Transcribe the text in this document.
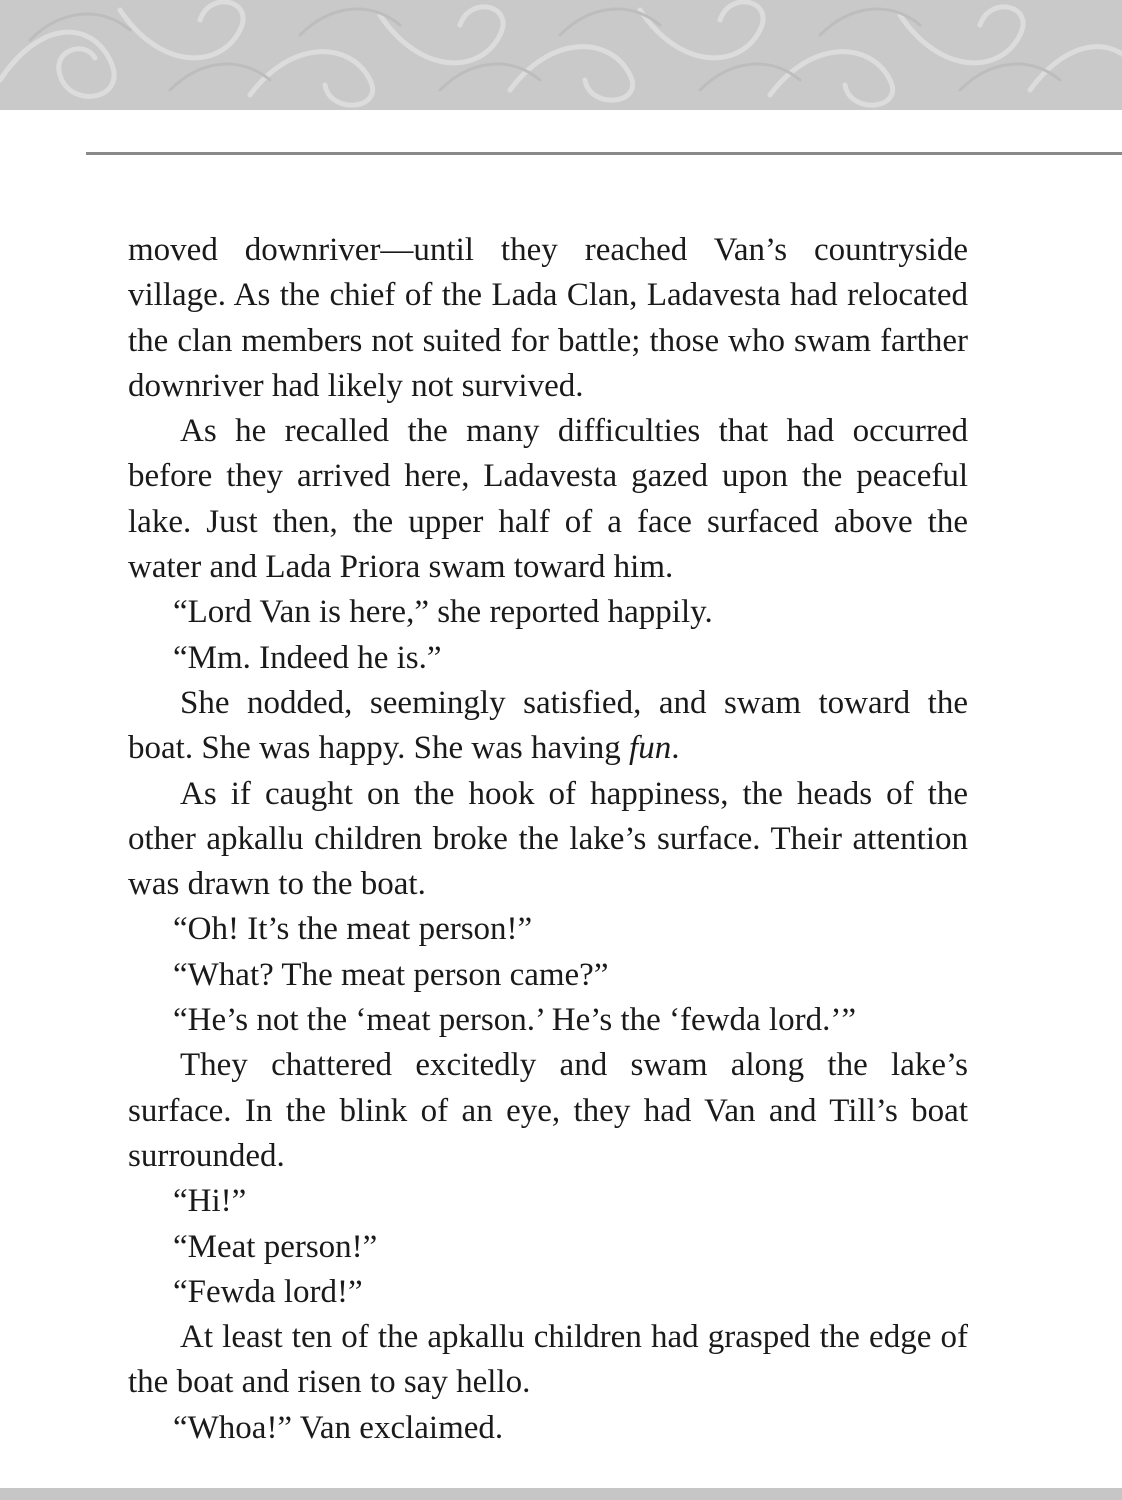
moved downriver—until they reached Van’s countryside village. As the chief of the Lada Clan, Ladavesta had relocated the clan members not suited for battle; those who swam farther downriver had likely not survived.

As he recalled the many difficulties that had occurred before they arrived here, Ladavesta gazed upon the peaceful lake. Just then, the upper half of a face surfaced above the water and Lada Priora swam toward him.

“Lord Van is here,” she reported happily.

“Mm. Indeed he is.”

She nodded, seemingly satisfied, and swam toward the boat. She was happy. She was having fun.

As if caught on the hook of happiness, the heads of the other apkallu children broke the lake’s surface. Their attention was drawn to the boat.

“Oh! It’s the meat person!”

“What? The meat person came?”

“He’s not the ‘meat person.’ He’s the ‘fewda lord.’”

They chattered excitedly and swam along the lake’s surface. In the blink of an eye, they had Van and Till’s boat surrounded.

“Hi!”

“Meat person!”

“Fewda lord!”

At least ten of the apkallu children had grasped the edge of the boat and risen to say hello.

“Whoa!” Van exclaimed.
